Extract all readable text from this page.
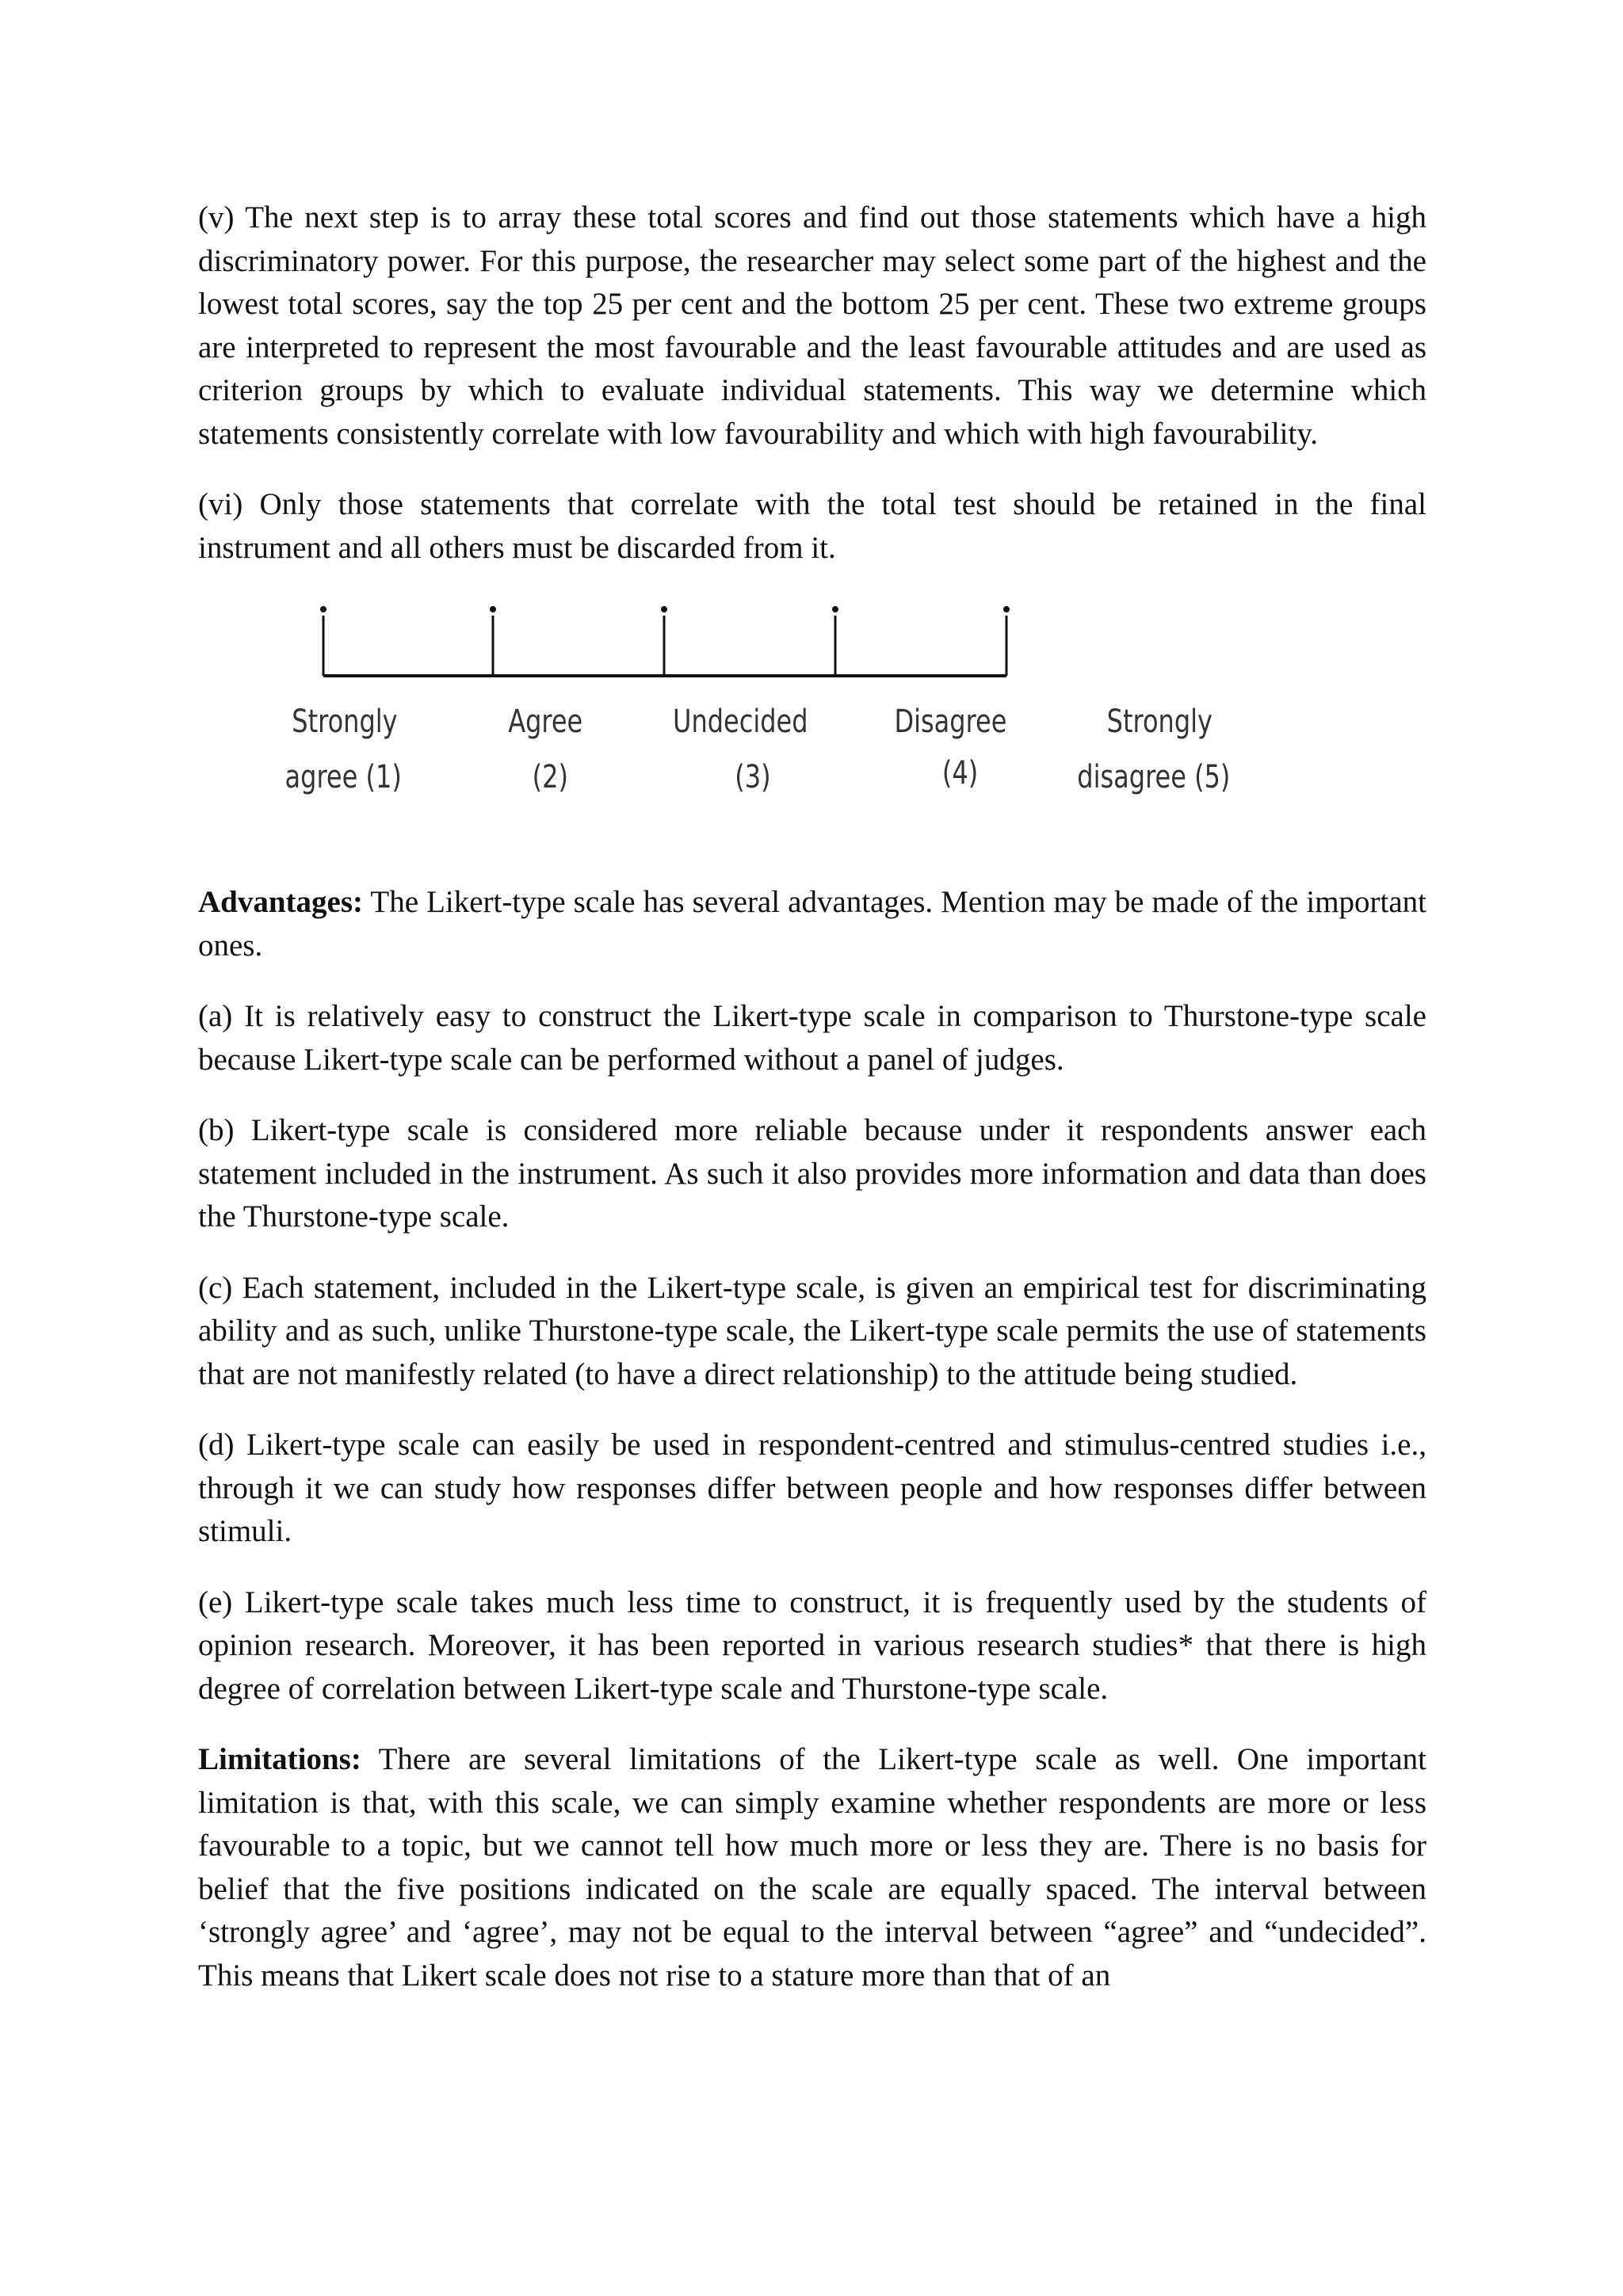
(v) The next step is to array these total scores and find out those statements which have a high discriminatory power. For this purpose, the researcher may select some part of the highest and the lowest total scores, say the top 25 per cent and the bottom 25 per cent. These two extreme groups are interpreted to represent the most favourable and the least favourable attitudes and are used as criterion groups by which to evaluate individual statements. This way we determine which statements consistently correlate with low favourability and which with high favourability.

(vi) Only those statements that correlate with the total test should be retained in the final instrument and all others must be discarded from it.

Strongly
agree (1)
Agree
(2)
Undecided
(3)
Disagree
(4)
Strongly
disagree (5)

Advantages: The Likert-type scale has several advantages. Mention may be made of the important ones.

(a) It is relatively easy to construct the Likert-type scale in comparison to Thurstone-type scale because Likert-type scale can be performed without a panel of judges.

(b) Likert-type scale is considered more reliable because under it respondents answer each statement included in the instrument. As such it also provides more information and data than does the Thurstone-type scale.

(c) Each statement, included in the Likert-type scale, is given an empirical test for discriminating ability and as such, unlike Thurstone-type scale, the Likert-type scale permits the use of statements that are not manifestly related (to have a direct relationship) to the attitude being studied.

(d) Likert-type scale can easily be used in respondent-centred and stimulus-centred studies i.e., through it we can study how responses differ between people and how responses differ between stimuli.

(e) Likert-type scale takes much less time to construct, it is frequently used by the students of opinion research. Moreover, it has been reported in various research studies* that there is high degree of correlation between Likert-type scale and Thurstone-type scale.

Limitations: There are several limitations of the Likert-type scale as well. One important limitation is that, with this scale, we can simply examine whether respondents are more or less favourable to a topic, but we cannot tell how much more or less they are. There is no basis for belief that the five positions indicated on the scale are equally spaced. The interval between ‘strongly agree’ and ‘agree’, may not be equal to the interval between “agree” and “undecided”. This means that Likert scale does not rise to a stature more than that of an
